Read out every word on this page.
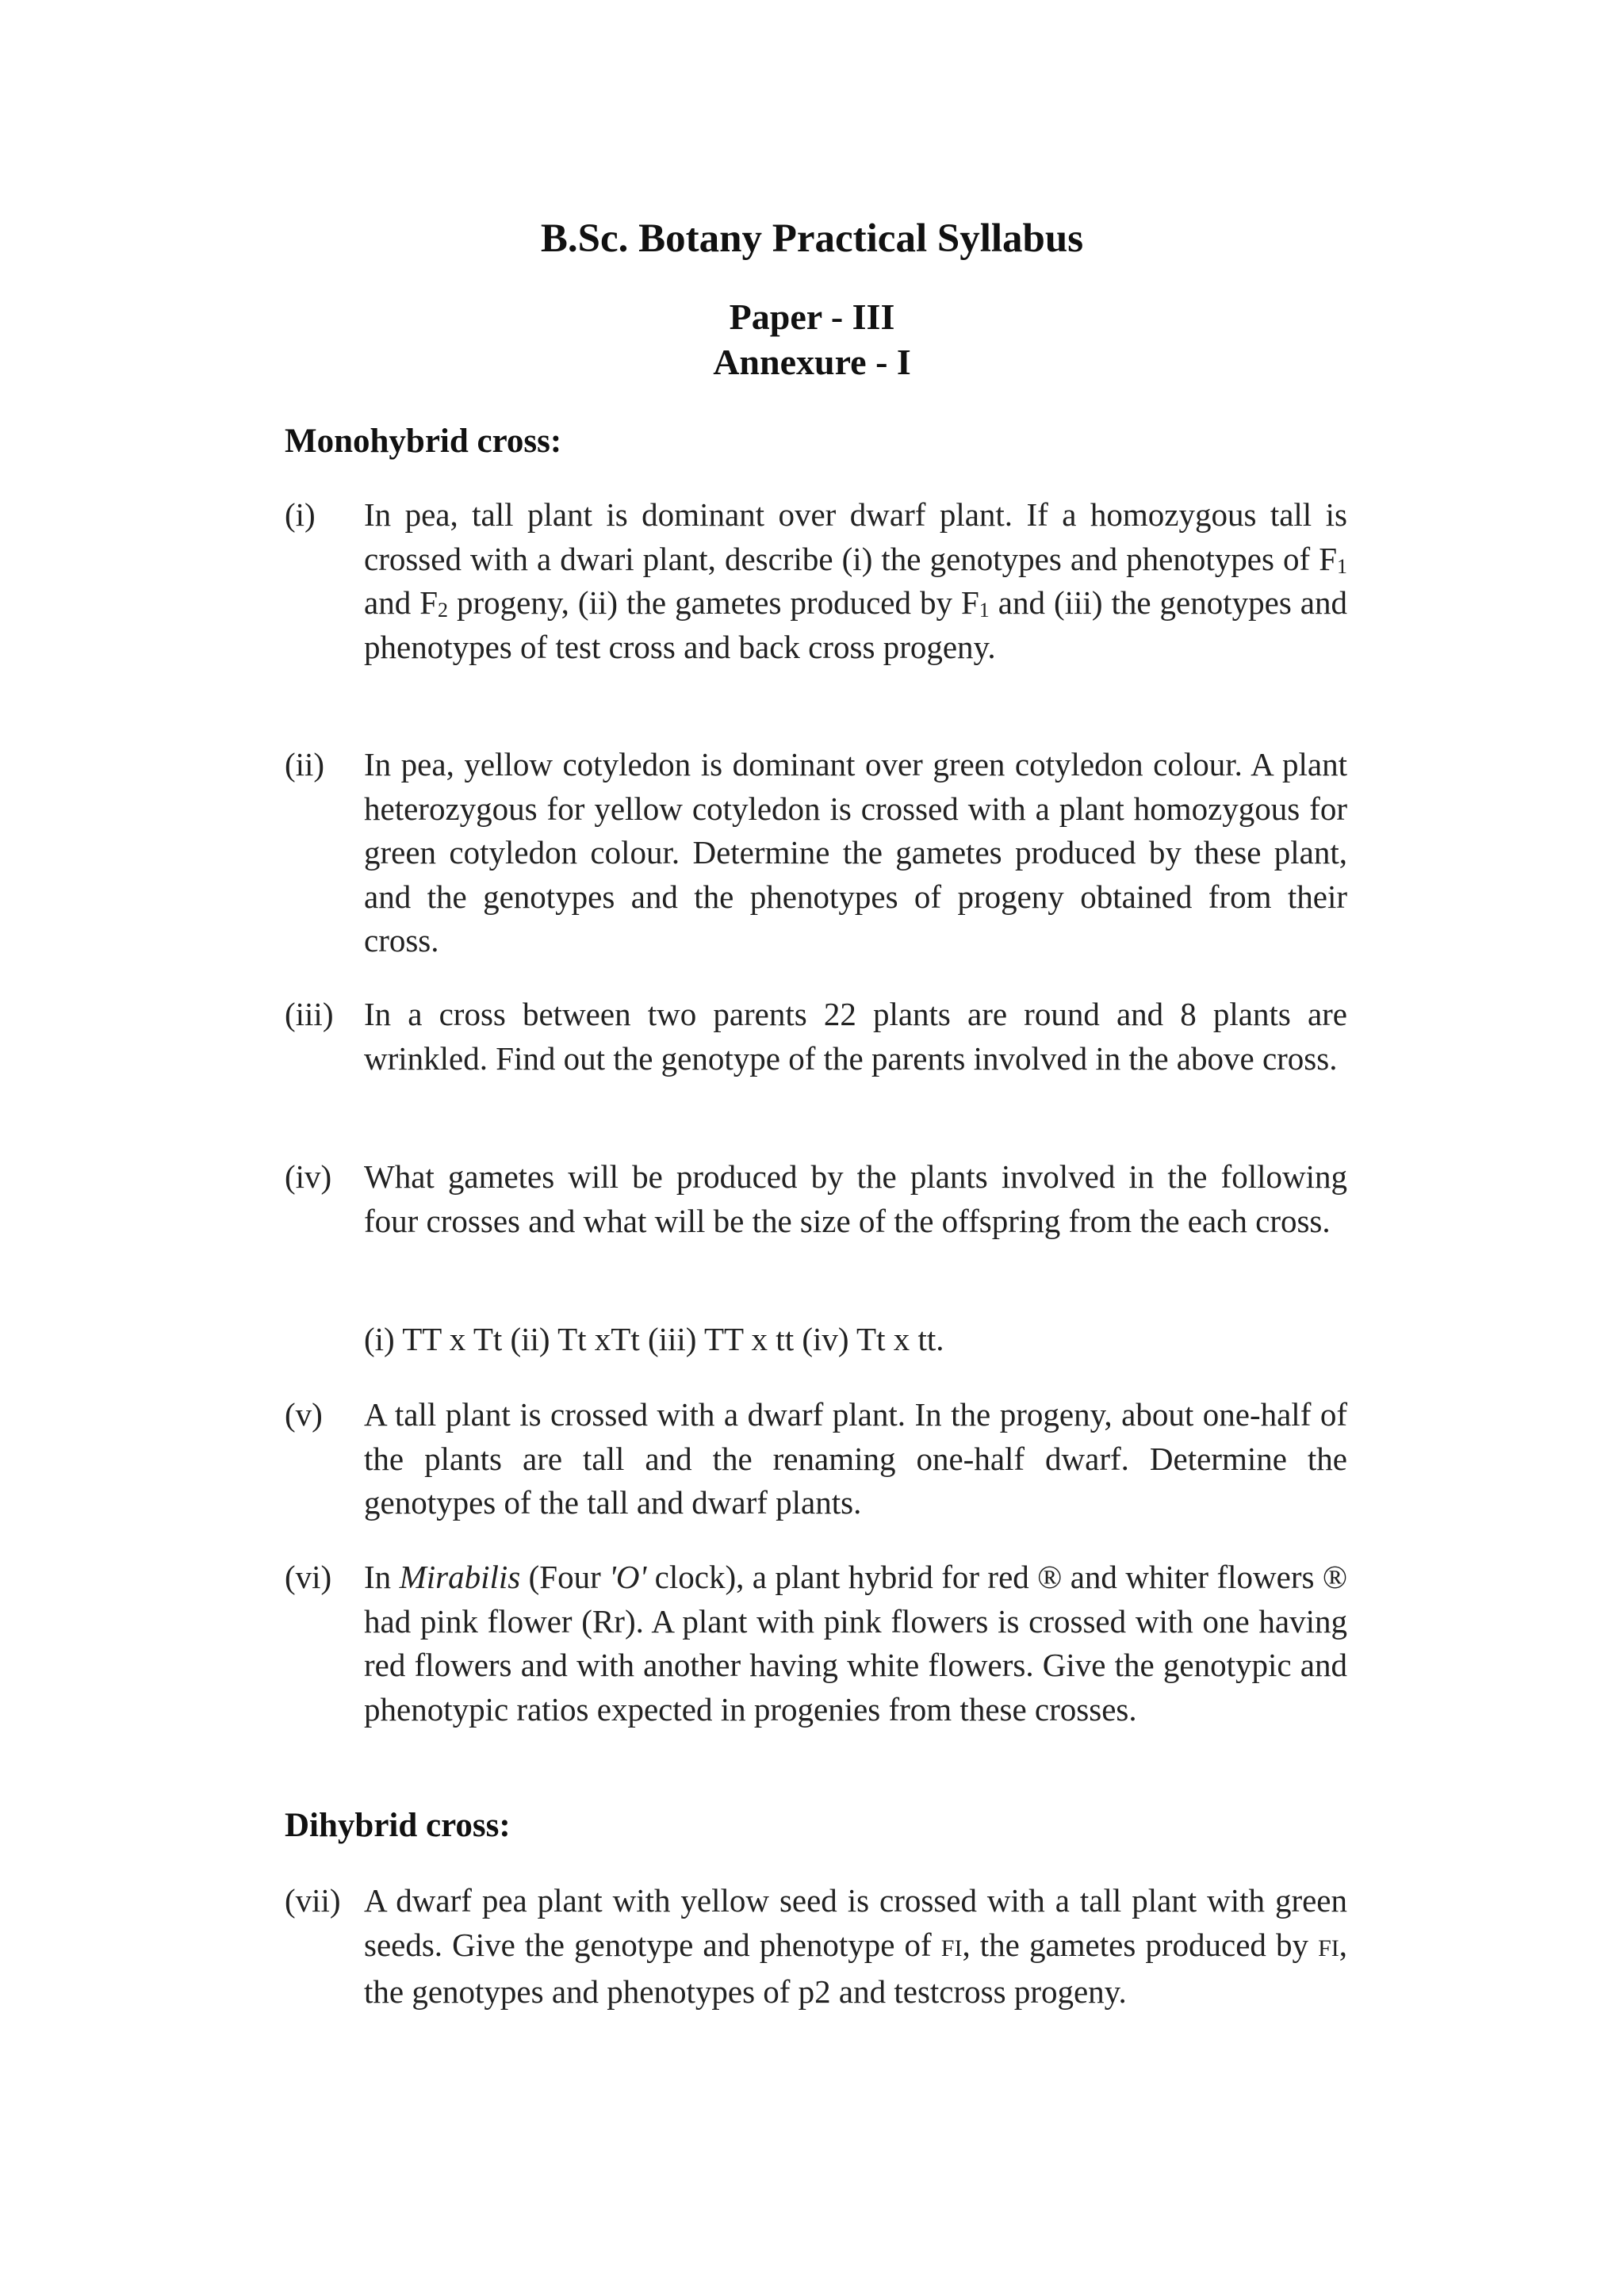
B.Sc. Botany Practical Syllabus
Paper - III
Annexure - I
Monohybrid cross:
(i) In pea, tall plant is dominant over dwarf plant. If a homozygous tall is crossed with a dwari plant, describe (i) the genotypes and phenotypes of $F_1$ and $F_2$ progeny, (ii) the gametes produced by $F_1$ and (iii) the genotypes and phenotypes of test cross and back cross progeny.
(ii) In pea, yellow cotyledon is dominant over green cotyledon colour. A plant heterozygous for yellow cotyledon is crossed with a plant homozygous for green cotyledon colour. Determine the gametes produced by these plant, and the genotypes and the phenotypes of progeny obtained from their cross.
(iii) In a cross between two parents 22 plants are round and 8 plants are wrinkled. Find out the genotype of the parents involved in the above cross.
(iv) What gametes will be produced by the plants involved in the following four crosses and what will be the size of the offspring from the each cross.
(i) TT x Tt (ii) Tt xTt (iii) TT x tt (iv) Tt x tt.
(v) A tall plant is crossed with a dwarf plant. In the progeny, about one-half of the plants are tall and the renaming one-half dwarf. Determine the genotypes of the tall and dwarf plants.
(vi) In Mirabilis (Four 'O' clock), a plant hybrid for red ® and whiter flowers ® had pink flower (Rr). A plant with pink flowers is crossed with one having red flowers and with another having white flowers. Give the genotypic and phenotypic ratios expected in progenies from these crosses.
Dihybrid cross:
(vii) A dwarf pea plant with yellow seed is crossed with a tall plant with green seeds. Give the genotype and phenotype of FI, the gametes produced by FI, the genotypes and phenotypes of p2 and testcross progeny.
